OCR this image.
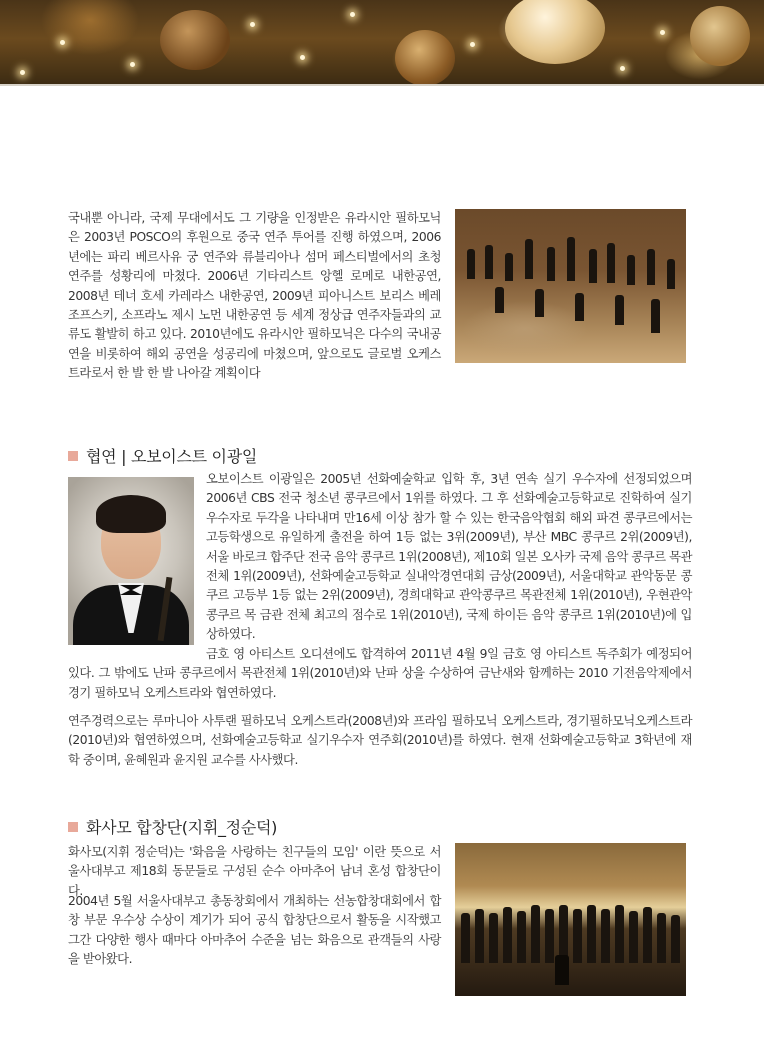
국내뿐 아니라, 국제 무대에서도 그 기량을 인정받은 유라시안 필하모닉은 2003년 POSCO의 후원으로 중국 연주 투어를 진행 하였으며, 2006년에는 파리 베르사유 궁 연주와 류블리아나 섬머 페스티벌에서의 초청 연주를 성황리에 마쳤다. 2006년 기타리스트 앙헬 로메로 내한공연, 2008년 테너 호세 카레라스 내한공연, 2009년 피아니스트 보리스 베레조프스키, 소프라노 제시 노먼 내한공연 등 세계 정상급 연주자들과의 교류도 활발히 하고 있다. 2010년에도 유라시안 필하모닉은 다수의 국내공연을 비롯하여 해외 공연을 성공리에 마쳤으며, 앞으로도 글로벌 오케스트라로서 한 발 한 발 나아갈 계획이다

협연 | 오보이스트 이광일

오보이스트 이광일은 2005년 선화예술학교 입학 후, 3년 연속 실기 우수자에 선정되었으며 2006년 CBS 전국 청소년 콩쿠르에서 1위를 하였다. 그 후 선화예술고등학교로 진학하여 실기 우수자로 두각을 나타내며 만16세 이상 참가 할 수 있는 한국음악협회 해외 파견 콩쿠르에서는 고등학생으로 유일하게 출전을 하여 1등 없는 3위(2009년), 부산 MBC 콩쿠르 2위(2009년), 서울 바로크 합주단 전국 음악 콩쿠르 1위(2008년), 제10회 일본 오사카 국제 음악 콩쿠르 목관전체 1위(2009년), 선화예술고등학교 실내악경연대회 금상(2009년), 서울대학교 관악동문 콩쿠르 고등부 1등 없는 2위(2009년), 경희대학교 관악콩쿠르 목관전체 1위(2010년), 우현관악콩쿠르 목 금관 전체 최고의 점수로 1위(2010년), 국제 하이든 음악 콩쿠르 1위(2010년)에 입상하였다.

금호 영 아티스트 오디션에도 합격하여 2011년 4월 9일 금호 영 아티스트 독주회가 예정되어 있다. 그 밖에도 난파 콩쿠르에서 목관전체 1위(2010년)와 난파 상을 수상하여 금난새와 함께하는 2010 기전음악제에서 경기 필하모닉 오케스트라와 협연하였다.

연주경력으로는 루마니아 사투랜 필하모닉 오케스트라(2008년)와 프라임 필하모닉 오케스트라, 경기필하모닉오케스트라(2010년)와 협연하였으며, 선화예술고등학교 실기우수자 연주회(2010년)를 하였다. 현재 선화예술고등학교 3학년에 재학 중이며, 윤혜원과 윤지원 교수를 사사했다.

화사모 합창단(지휘_정순덕)

화사모(지휘 정순덕)는 '화음을 사랑하는 친구들의 모임' 이란 뜻으로 서울사대부고 제18회 동문들로 구성된 순수 아마추어 남녀 혼성 합창단이다.

2004년 5월 서울사대부고 총동창회에서 개최하는 선농합창대회에서 합창 부문 우수상 수상이 계기가 되어 공식 합창단으로서 활동을 시작했고 그간 다양한 행사 때마다 아마추어 수준을 넘는 화음으로 관객들의 사랑을 받아왔다.
